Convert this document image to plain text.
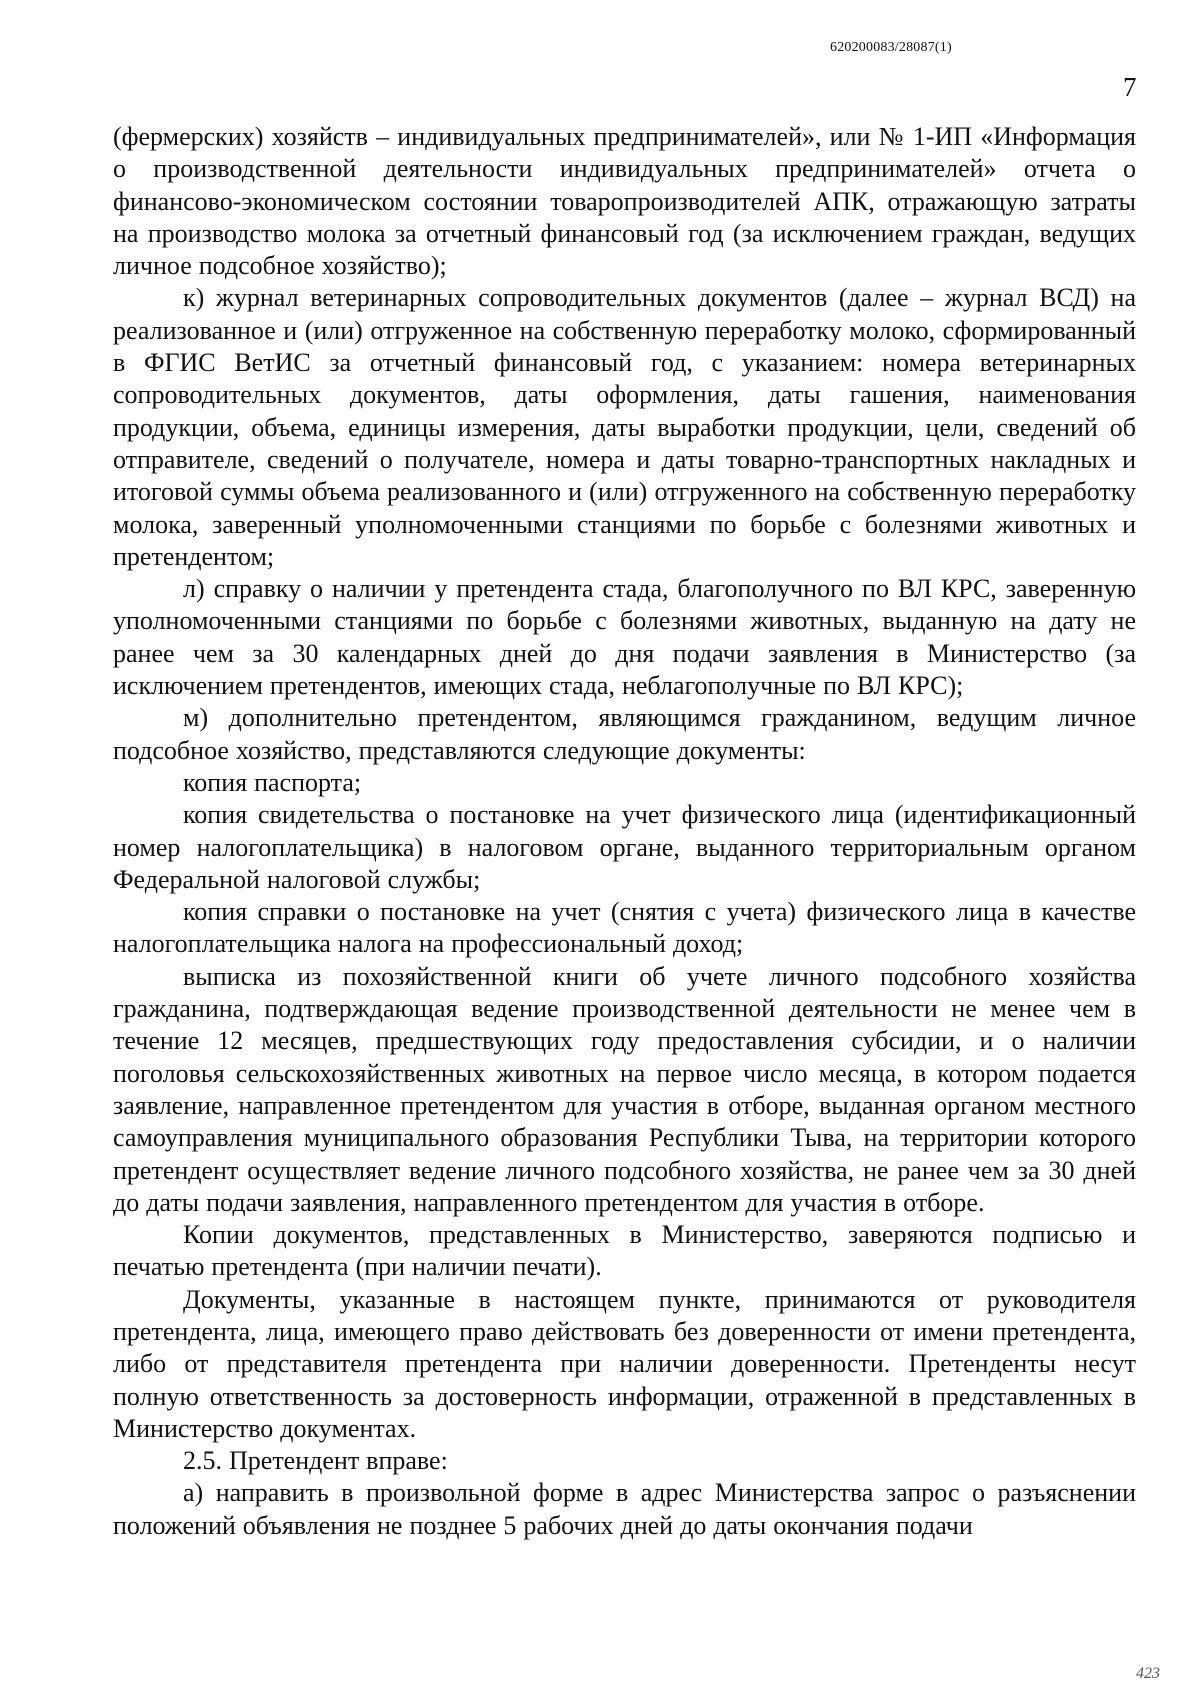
620200083/28087(1)
7

(фермерских) хозяйств – индивидуальных предпринимателей», или № 1-ИП «Информация о производственной деятельности индивидуальных предпринимателей» отчета о финансово-экономическом состоянии товаропроизводителей АПК, отражающую затраты на производство молока за отчетный финансовый год (за исключением граждан, ведущих личное подсобное хозяйство);

к) журнал ветеринарных сопроводительных документов (далее – журнал ВСД) на реализованное и (или) отгруженное на собственную переработку молоко, сформированный в ФГИС ВетИС за отчетный финансовый год, с указанием: номера ветеринарных сопроводительных документов, даты оформления, даты гашения, наименования продукции, объема, единицы измерения, даты выработки продукции, цели, сведений об отправителе, сведений о получателе, номера и даты товарно-транспортных накладных и итоговой суммы объема реализованного и (или) отгруженного на собственную переработку молока, заверенный уполномоченными станциями по борьбе с болезнями животных и претендентом;

л) справку о наличии у претендента стада, благополучного по ВЛ КРС, заверенную уполномоченными станциями по борьбе с болезнями животных, выданную на дату не ранее чем за 30 календарных дней до дня подачи заявления в Министерство (за исключением претендентов, имеющих стада, неблагополучные по ВЛ КРС);

м) дополнительно претендентом, являющимся гражданином, ведущим личное подсобное хозяйство, представляются следующие документы:

копия паспорта;

копия свидетельства о постановке на учет физического лица (идентификационный номер налогоплательщика) в налоговом органе, выданного территориальным органом Федеральной налоговой службы;

копия справки о постановке на учет (снятия с учета) физического лица в качестве налогоплательщика налога на профессиональный доход;

выписка из похозяйственной книги об учете личного подсобного хозяйства гражданина, подтверждающая ведение производственной деятельности не менее чем в течение 12 месяцев, предшествующих году предоставления субсидии, и о наличии поголовья сельскохозяйственных животных на первое число месяца, в котором подается заявление, направленное претендентом для участия в отборе, выданная органом местного самоуправления муниципального образования Республики Тыва, на территории которого претендент осуществляет ведение личного подсобного хозяйства, не ранее чем за 30 дней до даты подачи заявления, направленного претендентом для участия в отборе.

Копии документов, представленных в Министерство, заверяются подписью и печатью претендента (при наличии печати).

Документы, указанные в настоящем пункте, принимаются от руководителя претендента, лица, имеющего право действовать без доверенности от имени претендента, либо от представителя претендента при наличии доверенности. Претенденты несут полную ответственность за достоверность информации, отраженной в представленных в Министерство документах.

2.5. Претендент вправе:

а) направить в произвольной форме в адрес Министерства запрос о разъяснении положений объявления не позднее 5 рабочих дней до даты окончания подачи

423
